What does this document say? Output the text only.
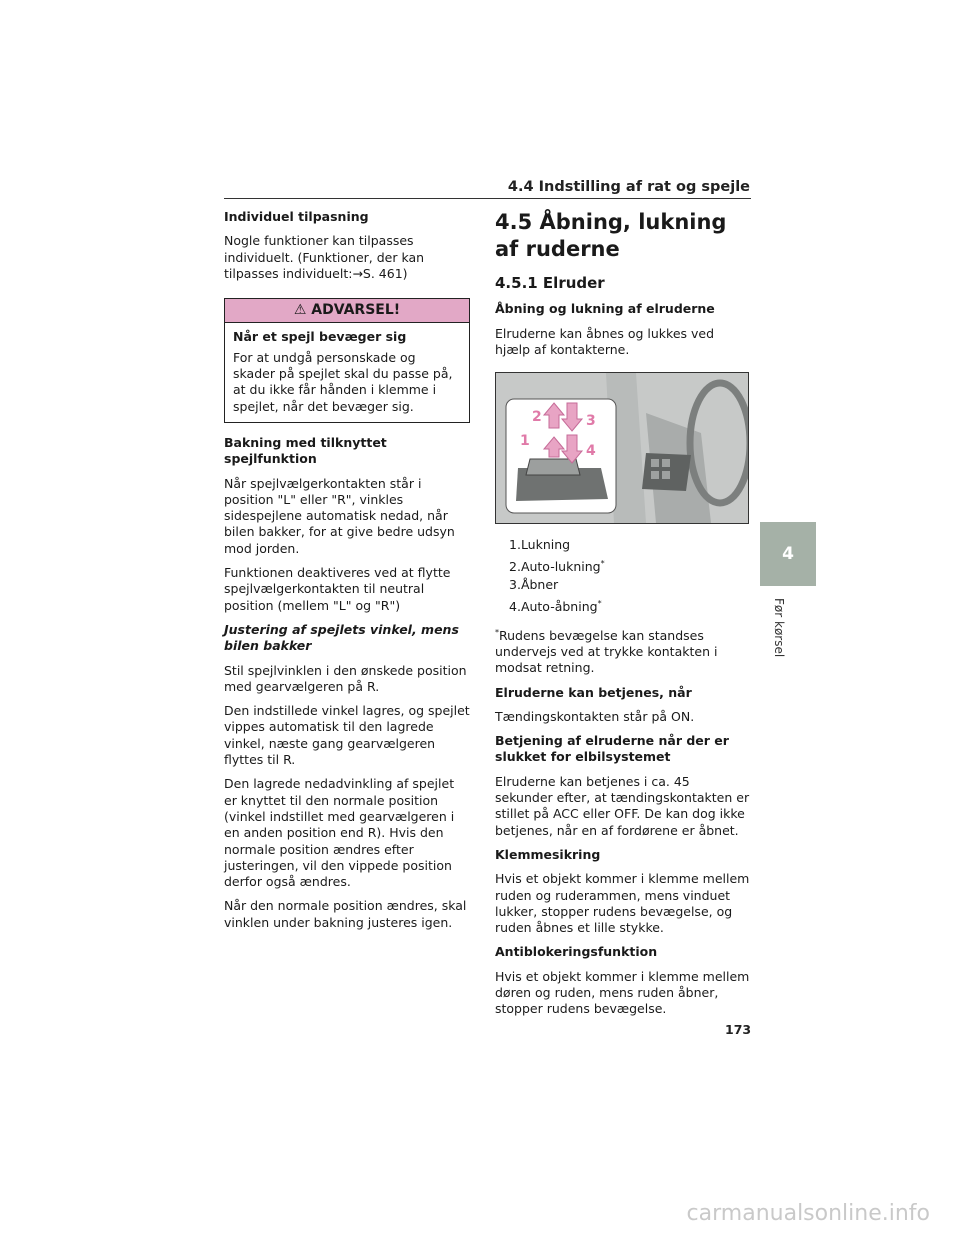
4.4 Indstilling af rat og spejle
Individuel tilpasning

Nogle funktioner kan tilpasses individuelt. (Funktioner, der kan tilpasses individuelt:→S. 461)

⚠ ADVARSEL!
Når et spejl bevæger sig

For at undgå personskade og skader på spejlet skal du passe på, at du ikke får hånden i klemme i spejlet, når det bevæger sig.

Bakning med tilknyttet spejlfunktion

Når spejlvælgerkontakten står i position "L" eller "R", vinkles sidespejlene automatisk nedad, når bilen bakker, for at give bedre udsyn mod jorden.

Funktionen deaktiveres ved at flytte spejlvælgerkontakten til neutral position (mellem "L" og "R")

Justering af spejlets vinkel, mens bilen bakker

Stil spejlvinklen i den ønskede position med gearvælgeren på R.

Den indstillede vinkel lagres, og spejlet vippes automatisk til den lagrede vinkel, næste gang gearvælgeren flyttes til R.

Den lagrede nedadvinkling af spejlet er knyttet til den normale position (vinkel indstillet med gearvælgeren i en anden position end R). Hvis den normale position ændres efter justeringen, vil den vippede position derfor også ændres.

Når den normale position ændres, skal vinklen under bakning justeres igen.

4.5 Åbning, lukning af ruderne
4.5.1 Elruder
Åbning og lukning af elruderne

Elruderne kan åbnes og lukkes ved hjælp af kontakterne.

2	3
1
4
1.Lukning
2.Auto-lukning*
3.Åbner
4.Auto-åbning*

*Rudens bevægelse kan standses undervejs ved at trykke kontakten i modsat retning.

Elruderne kan betjenes, når

Tændingskontakten står på ON.

Betjening af elruderne når der er slukket for elbilsystemet

Elruderne kan betjenes i ca. 45 sekunder efter, at tændingskontakten er stillet på ACC eller OFF. De kan dog ikke betjenes, når en af fordørene er åbnet.

Klemmesikring

Hvis et objekt kommer i klemme mellem ruden og ruderammen, mens vinduet lukker, stopper rudens bevægelse, og ruden åbnes et lille stykke.

Antiblokeringsfunktion

Hvis et objekt kommer i klemme mellem døren og ruden, mens ruden åbner, stopper rudens bevægelse.

4
Før kørsel
173
carmanualsonline.info
